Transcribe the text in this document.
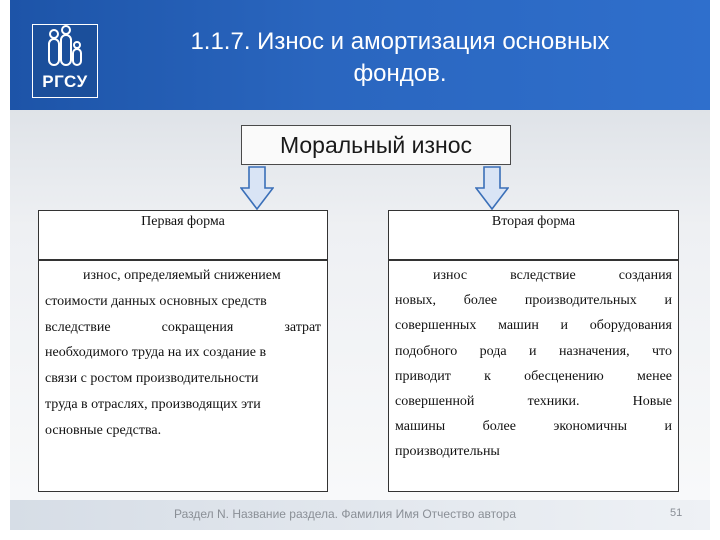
РГСУ
1.1.7. Износ и амортизация основных
фондов.
Моральный износ
Первая форма
износ, определяемый снижением
стоимости данных основных средств
вследствие сокращения затрат
необходимого труда на их создание в
связи с ростом производительности
труда в отраслях, производящих эти
основные средства.
Вторая форма
износ вследствие создания
новых, более производительных и
совершенных машин и оборудования
подобного рода и назначения, что
приводит к обесценению менее
совершенной техники. Новые
машины более экономичны и
производительны
Раздел N. Название раздела. Фамилия Имя Отчество автора	51
